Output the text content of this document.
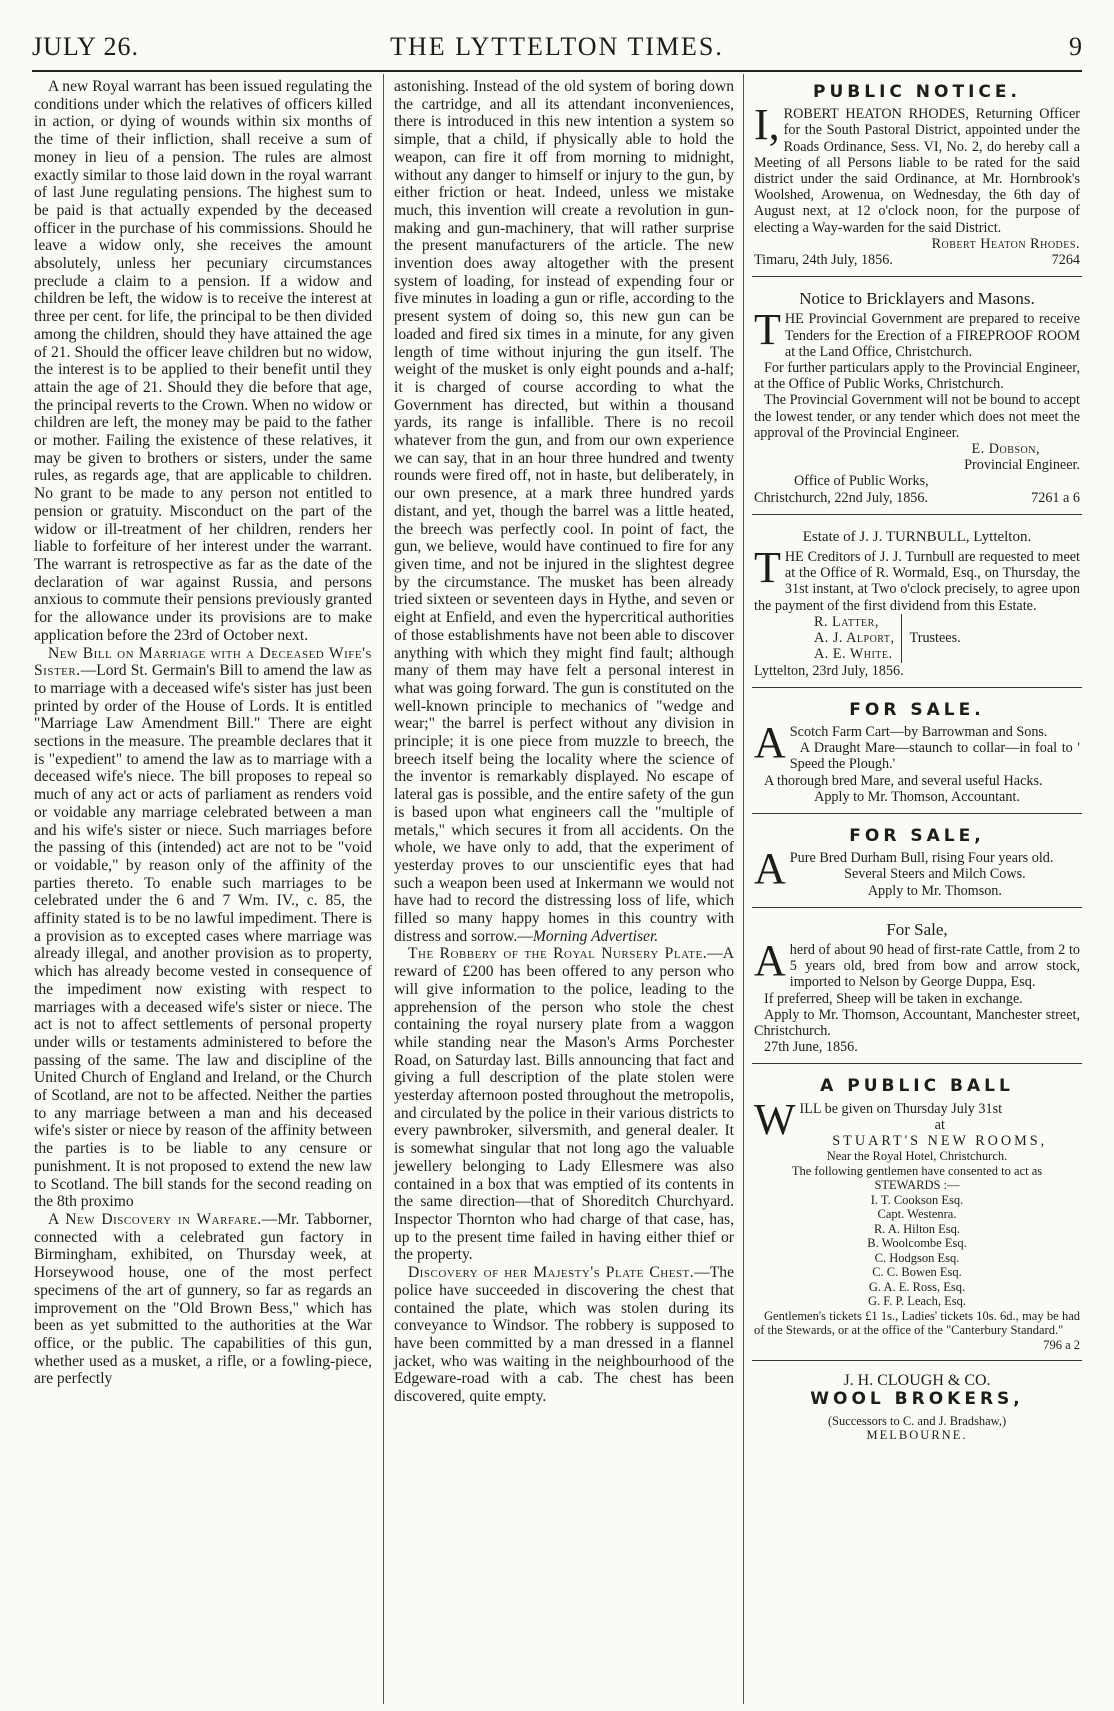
JULY 26.	THE LYTTELTON TIMES.	9

A new Royal warrant has been issued regulating the conditions under which the relatives of officers killed in action, or dying of wounds within six months of the time of their infliction, shall receive a sum of money in lieu of a pension. The rules are almost exactly similar to those laid down in the royal warrant of last June regulating pensions. The highest sum to be paid is that actually expended by the deceased officer in the purchase of his commissions. Should he leave a widow only, she receives the amount absolutely, unless her pecuniary circumstances preclude a claim to a pension. If a widow and children be left, the widow is to receive the interest at three per cent. for life, the principal to be then divided among the children, should they have attained the age of 21. Should the officer leave children but no widow, the interest is to be applied to their benefit until they attain the age of 21. Should they die before that age, the principal reverts to the Crown. When no widow or children are left, the money may be paid to the father or mother. Failing the existence of these relatives, it may be given to brothers or sisters, under the same rules, as regards age, that are applicable to children. No grant to be made to any person not entitled to pension or gratuity. Misconduct on the part of the widow or ill-treatment of her children, renders her liable to forfeiture of her interest under the warrant. The warrant is retrospective as far as the date of the declaration of war against Russia, and persons anxious to commute their pensions previously granted for the allowance under its provisions are to make application before the 23rd of October next.

New Bill on Marriage with a Deceased Wife's Sister.—Lord St. Germain's Bill to amend the law as to marriage with a deceased wife's sister has just been printed by order of the House of Lords. It is entitled "Marriage Law Amendment Bill." There are eight sections in the measure. The preamble declares that it is "expedient" to amend the law as to marriage with a deceased wife's niece. The bill proposes to repeal so much of any act or acts of parliament as renders void or voidable any marriage celebrated between a man and his wife's sister or niece. Such marriages before the passing of this (intended) act are not to be "void or voidable," by reason only of the affinity of the parties thereto. To enable such marriages to be celebrated under the 6 and 7 Wm. IV., c. 85, the affinity stated is to be no lawful impediment. There is a provision as to excepted cases where marriage was already illegal, and another provision as to property, which has already become vested in consequence of the impediment now existing with respect to marriages with a deceased wife's sister or niece. The act is not to affect settlements of personal property under wills or testaments administered to before the passing of the same. The law and discipline of the United Church of England and Ireland, or the Church of Scotland, are not to be affected. Neither the parties to any marriage between a man and his deceased wife's sister or niece by reason of the affinity between the parties is to be liable to any censure or punishment. It is not proposed to extend the new law to Scotland. The bill stands for the second reading on the 8th proximo

A New Discovery in Warfare.—Mr. Tabborner, connected with a celebrated gun factory in Birmingham, exhibited, on Thursday week, at Horseywood house, one of the most perfect specimens of the art of gunnery, so far as regards an improvement on the "Old Brown Bess," which has been as yet submitted to the authorities at the War office, or the public. The capabilities of this gun, whether used as a musket, a rifle, or a fowling-piece, are perfectly

astonishing. Instead of the old system of boring down the cartridge, and all its attendant inconveniences, there is introduced in this new intention a system so simple, that a child, if physically able to hold the weapon, can fire it off from morning to midnight, without any danger to himself or injury to the gun, by either friction or heat. Indeed, unless we mistake much, this invention will create a revolution in gun-making and gun-machinery, that will rather surprise the present manufacturers of the article. The new invention does away altogether with the present system of loading, for instead of expending four or five minutes in loading a gun or rifle, according to the present system of doing so, this new gun can be loaded and fired six times in a minute, for any given length of time without injuring the gun itself. The weight of the musket is only eight pounds and a-half; it is charged of course according to what the Government has directed, but within a thousand yards, its range is infallible. There is no recoil whatever from the gun, and from our own experience we can say, that in an hour three hundred and twenty rounds were fired off, not in haste, but deliberately, in our own presence, at a mark three hundred yards distant, and yet, though the barrel was a little heated, the breech was perfectly cool. In point of fact, the gun, we believe, would have continued to fire for any given time, and not be injured in the slightest degree by the circumstance. The musket has been already tried sixteen or seventeen days in Hythe, and seven or eight at Enfield, and even the hypercritical authorities of those establishments have not been able to discover anything with which they might find fault; although many of them may have felt a personal interest in what was going forward. The gun is constituted on the well-known principle to mechanics of "wedge and wear;" the barrel is perfect without any division in principle; it is one piece from muzzle to breech, the breech itself being the locality where the science of the inventor is remarkably displayed. No escape of lateral gas is possible, and the entire safety of the gun is based upon what engineers call the "multiple of metals," which secures it from all accidents. On the whole, we have only to add, that the experiment of yesterday proves to our unscientific eyes that had such a weapon been used at Inkermann we would not have had to record the distressing loss of life, which filled so many happy homes in this country with distress and sorrow.—Morning Advertiser.

The Robbery of the Royal Nursery Plate.—A reward of £200 has been offered to any person who will give information to the police, leading to the apprehension of the person who stole the chest containing the royal nursery plate from a waggon while standing near the Mason's Arms Porchester Road, on Saturday last. Bills announcing that fact and giving a full description of the plate stolen were yesterday afternoon posted throughout the metropolis, and circulated by the police in their various districts to every pawnbroker, silversmith, and general dealer. It is somewhat singular that not long ago the valuable jewellery belonging to Lady Ellesmere was also contained in a box that was emptied of its contents in the same direction—that of Shoreditch Churchyard. Inspector Thornton who had charge of that case, has, up to the present time failed in having either thief or the property.

Discovery of her Majesty's Plate Chest.—The police have succeeded in discovering the chest that contained the plate, which was stolen during its conveyance to Windsor. The robbery is supposed to have been committed by a man dressed in a flannel jacket, who was waiting in the neighbourhood of the Edgeware-road with a cab. The chest has been discovered, quite empty.

PUBLIC NOTICE.
I, ROBERT HEATON RHODES, Returning Officer for the South Pastoral District, appointed under the Roads Ordinance, Sess. VI, No. 2, do hereby call a Meeting of all Persons liable to be rated for the said district under the said Ordinance, at Mr. Hornbrook's Woolshed, Arowenua, on Wednesday, the 6th day of August next, at 12 o'clock noon, for the purpose of electing a Way-warden for the said District.
Robert Heaton Rhodes.
Timaru, 24th July, 1856.	7264
Notice to Bricklayers and Masons.
THE Provincial Government are prepared to receive Tenders for the Erection of a FIREPROOF ROOM at the Land Office, Christchurch.
For further particulars apply to the Provincial Engineer, at the Office of Public Works, Christchurch.
The Provincial Government will not be bound to accept the lowest tender, or any tender which does not meet the approval of the Provincial Engineer.
E. Dobson,
Provincial Engineer.
Office of Public Works,
Christchurch, 22nd July, 1856.	7261 a 6
Estate of J. J. TURNBULL, Lyttelton.
THE Creditors of J. J. Turnbull are requested to meet at the Office of R. Wormald, Esq., on Thursday, the 31st instant, at Two o'clock precisely, to agree upon the payment of the first dividend from this Estate.
R. Latter,
A. J. Alport,
A. E. White.
Trustees.
Lyttelton, 23rd July, 1856.
FOR SALE.
A Scotch Farm Cart—by Barrowman and Sons.
A Draught Mare—staunch to collar—in foal to ' Speed the Plough.'
A thorough bred Mare, and several useful Hacks.
Apply to Mr. Thomson, Accountant.
FOR SALE,
A Pure Bred Durham Bull, rising Four years old.
Several Steers and Milch Cows.
Apply to Mr. Thomson.
For Sale,
Aherd of about 90 head of first-rate Cattle, from 2 to 5 years old, bred from bow and arrow stock, imported to Nelson by George Duppa, Esq.
If preferred, Sheep will be taken in exchange.
Apply to Mr. Thomson, Accountant, Manchester street, Christchurch.
27th June, 1856.
A PUBLIC BALL
WILL be given on Thursday July 31st
at
STUART'S NEW ROOMS,
Near the Royal Hotel, Christchurch.
The following gentlemen have consented to act as
STEWARDS :—
I. T. Cookson Esq.
Capt. Westenra.
R. A. Hilton Esq.
B. Woolcombe Esq.
C. Hodgson Esq.
C. C. Bowen Esq.
G. A. E. Ross, Esq.
G. F. P. Leach, Esq.
Gentlemen's tickets £1 1s., Ladies' tickets 10s. 6d., may be had of the Stewards, or at the office of the "Canterbury Standard."
796 a 2
J. H. CLOUGH & CO.
WOOL BROKERS,
(Successors to C. and J. Bradshaw,)
MELBOURNE.
